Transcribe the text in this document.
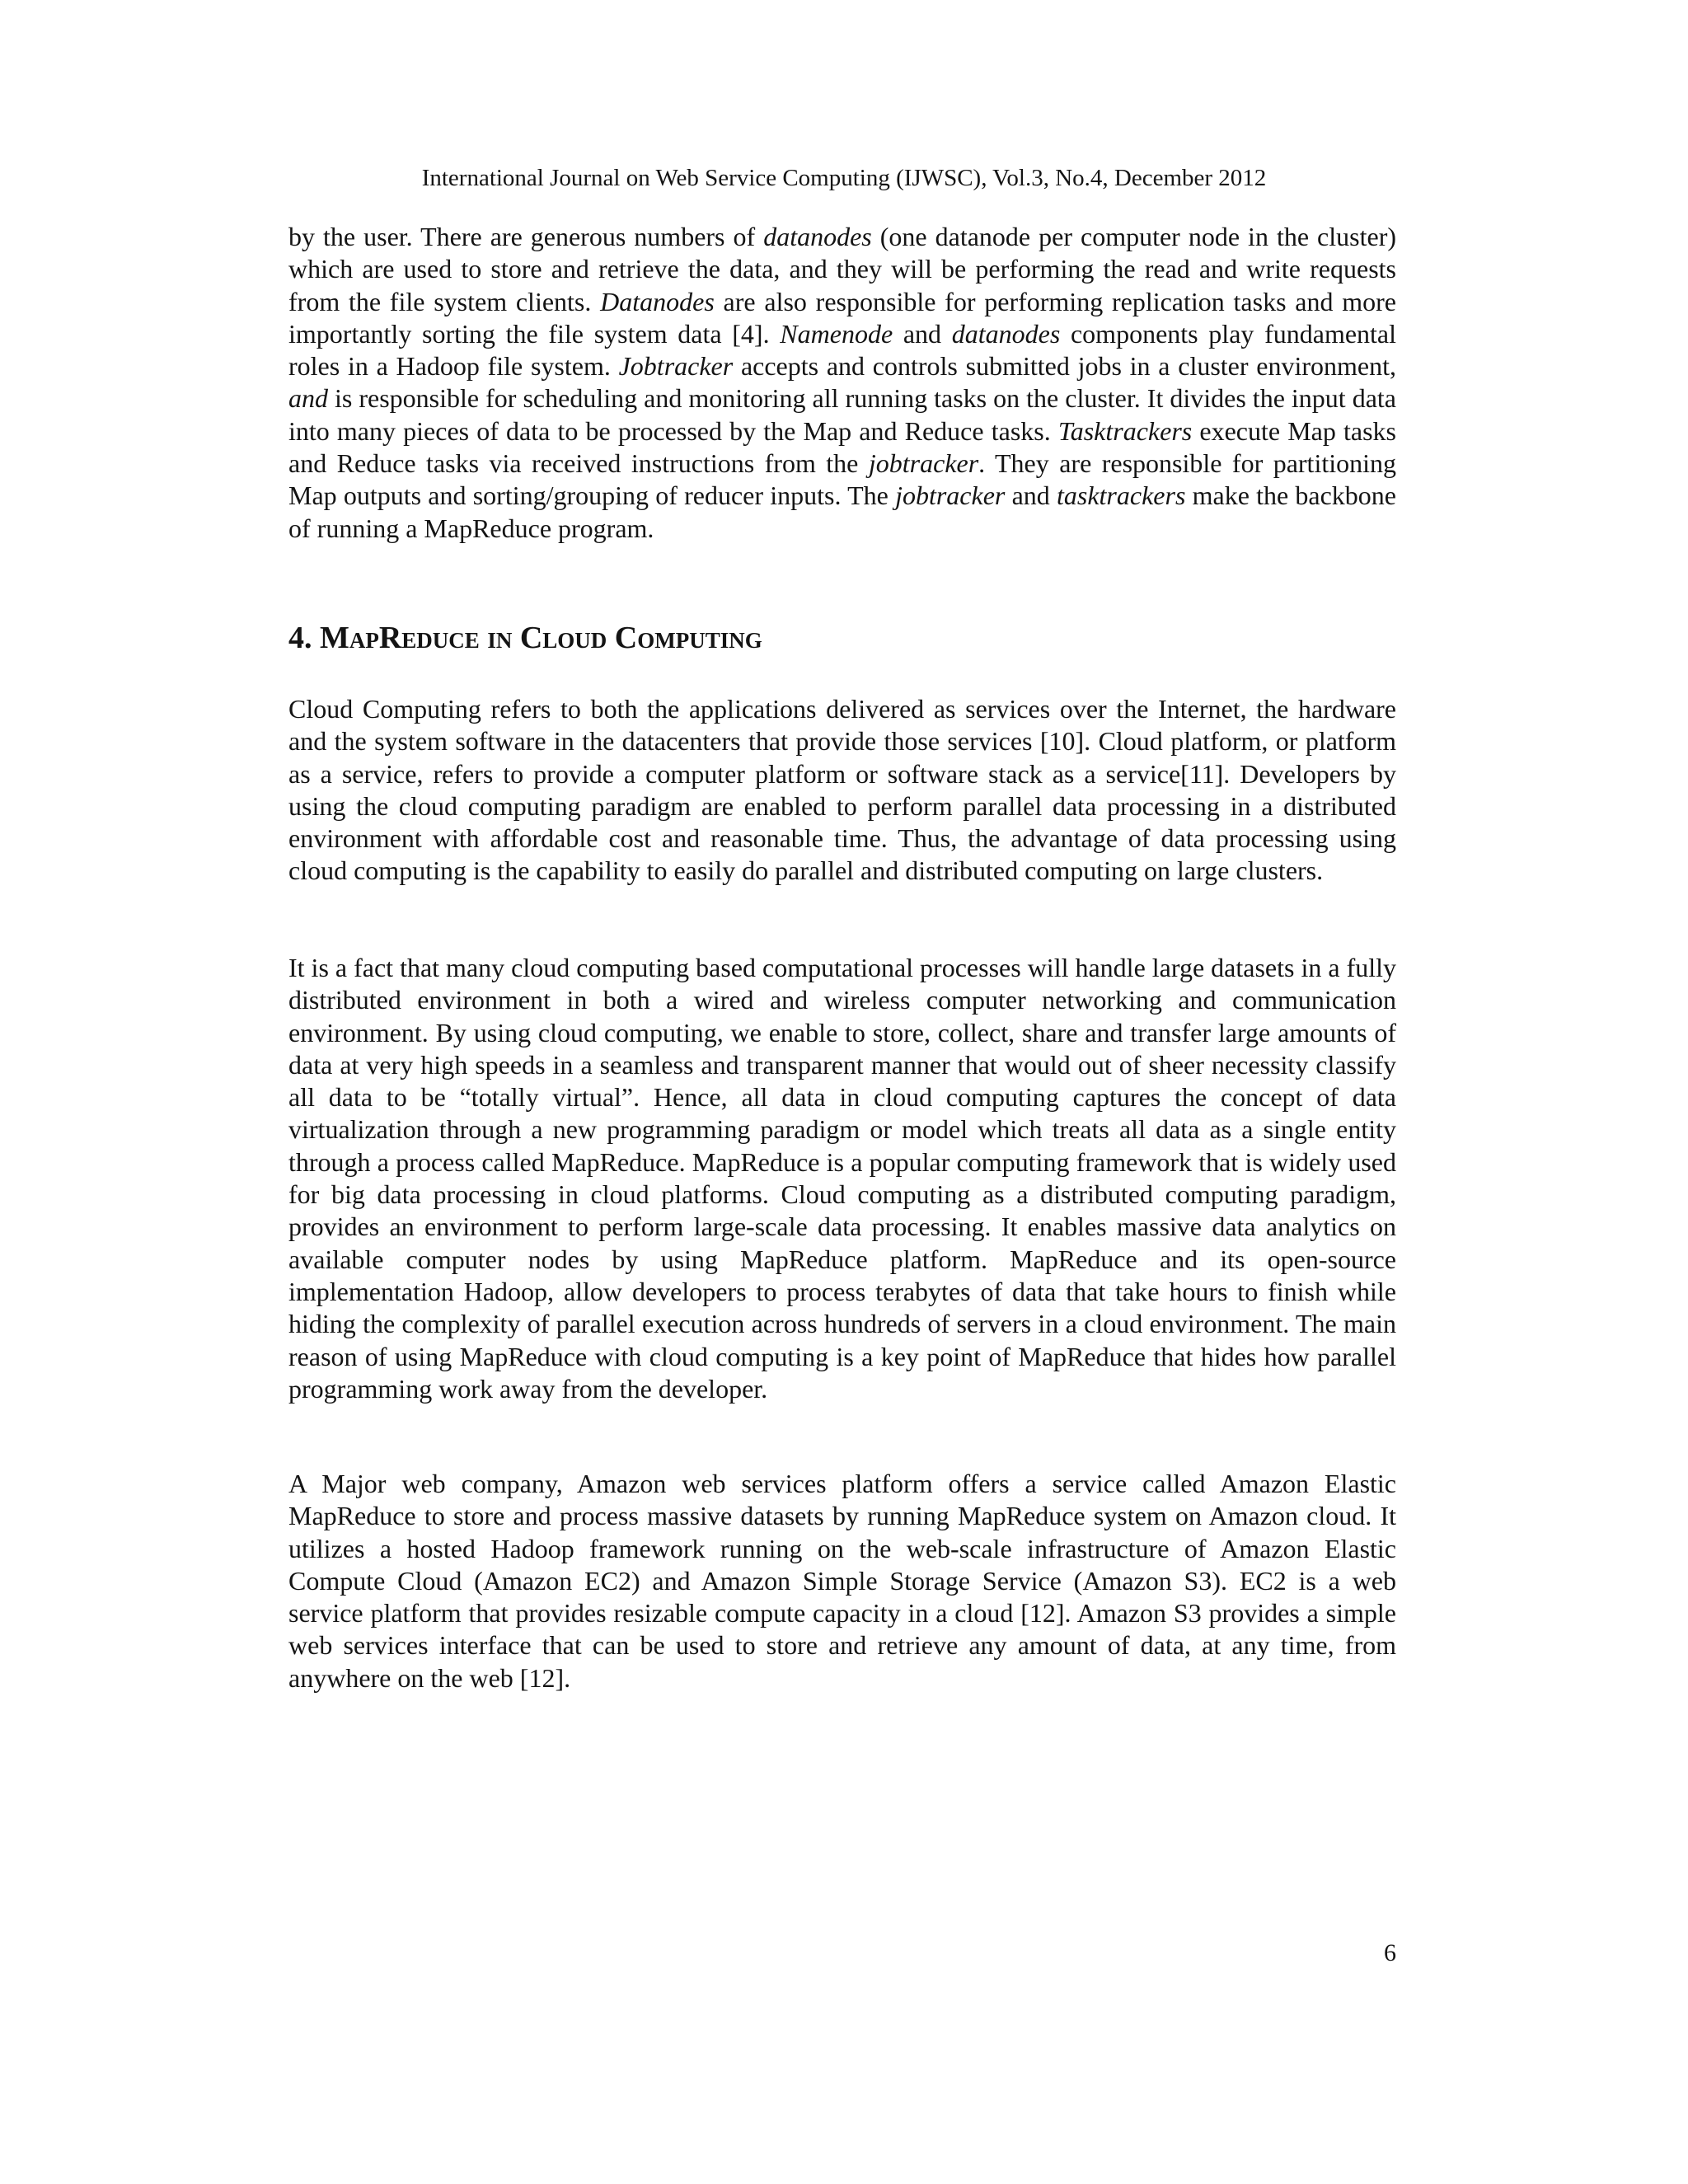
International Journal on Web Service Computing (IJWSC), Vol.3, No.4, December 2012

by the user. There are generous numbers of datanodes (one datanode per computer node in the cluster) which are used to store and retrieve the data, and they will be performing the read and write requests from the file system clients. Datanodes are also responsible for performing replication tasks and more importantly sorting the file system data [4]. Namenode and datanodes components play fundamental roles in a Hadoop file system. Jobtracker accepts and controls submitted jobs in a cluster environment, and is responsible for scheduling and monitoring all running tasks on the cluster. It divides the input data into many pieces of data to be processed by the Map and Reduce tasks. Tasktrackers execute Map tasks and Reduce tasks via received instructions from the jobtracker. They are responsible for partitioning Map outputs and sorting/grouping of reducer inputs. The jobtracker and tasktrackers make the backbone of running a MapReduce program.

4. MapReduce in Cloud Computing

Cloud Computing refers to both the applications delivered as services over the Internet, the hardware and the system software in the datacenters that provide those services [10]. Cloud platform, or platform as a service, refers to provide a computer platform or software stack as a service[11]. Developers by using the cloud computing paradigm are enabled to perform parallel data processing in a distributed environment with affordable cost and reasonable time. Thus, the advantage of data processing using cloud computing is the capability to easily do parallel and distributed computing on large clusters.

It is a fact that many cloud computing based computational processes will handle large datasets in a fully distributed environment in both a wired and wireless computer networking and communication environment. By using cloud computing, we enable to store, collect, share and transfer large amounts of data at very high speeds in a seamless and transparent manner that would out of sheer necessity classify all data to be “totally virtual”. Hence, all data in cloud computing captures the concept of data virtualization through a new programming paradigm or model which treats all data as a single entity through a process called MapReduce. MapReduce is a popular computing framework that is widely used for big data processing in cloud platforms. Cloud computing as a distributed computing paradigm, provides an environment to perform large-scale data processing. It enables massive data analytics on available computer nodes by using MapReduce platform. MapReduce and its open-source implementation Hadoop, allow developers to process terabytes of data that take hours to finish while hiding the complexity of parallel execution across hundreds of servers in a cloud environment. The main reason of using MapReduce with cloud computing is a key point of MapReduce that hides how parallel programming work away from the developer.

A Major web company, Amazon web services platform offers a service called Amazon Elastic MapReduce to store and process massive datasets by running MapReduce system on Amazon cloud. It utilizes a hosted Hadoop framework running on the web-scale infrastructure of Amazon Elastic Compute Cloud (Amazon EC2) and Amazon Simple Storage Service (Amazon S3). EC2 is a web service platform that provides resizable compute capacity in a cloud [12]. Amazon S3 provides a simple web services interface that can be used to store and retrieve any amount of data, at any time, from anywhere on the web [12].

6
